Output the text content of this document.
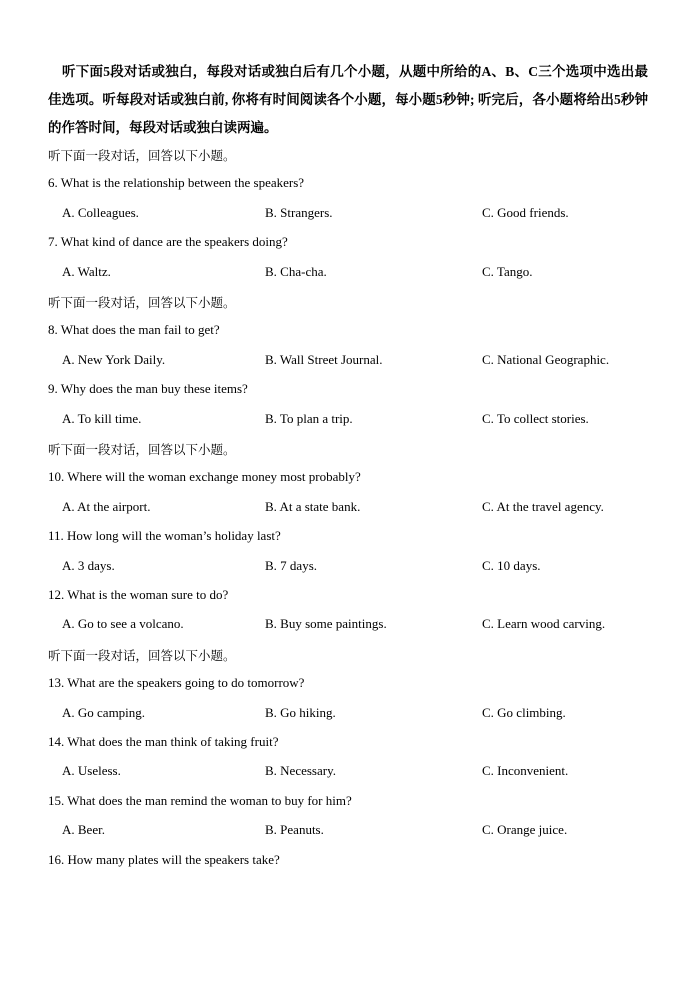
听下面5段对话或独白，每段对话或独白后有几个小题，从题中所给的A、B、C三个选项中选出最佳选项。听每段对话或独白前, 你将有时间阅读各个小题，每小题5秒钟; 听完后，各小题将给出5秒钟的作答时间，每段对话或独白读两遍。
听下面一段对话，回答以下小题。
6. What is the relationship between the speakers?
A. Colleagues.	B. Strangers.	C. Good friends.
7. What kind of dance are the speakers doing?
A. Waltz.	B. Cha-cha.	C. Tango.
听下面一段对话，回答以下小题。
8. What does the man fail to get?
A. New York Daily.	B. Wall Street Journal.	C. National Geographic.
9. Why does the man buy these items?
A. To kill time.	B. To plan a trip.	C. To collect stories.
听下面一段对话，回答以下小题。
10. Where will the woman exchange money most probably?
A. At the airport.	B. At a state bank.	C. At the travel agency.
11. How long will the woman’s holiday last?
A. 3 days.	B. 7 days.	C. 10 days.
12. What is the woman sure to do?
A. Go to see a volcano.	B. Buy some paintings.	C. Learn wood carving.
听下面一段对话，回答以下小题。
13. What are the speakers going to do tomorrow?
A. Go camping.	B. Go hiking.	C. Go climbing.
14. What does the man think of taking fruit?
A. Useless.	B. Necessary.	C. Inconvenient.
15. What does the man remind the woman to buy for him?
A. Beer.	B. Peanuts.	C. Orange juice.
16. How many plates will the speakers take?
